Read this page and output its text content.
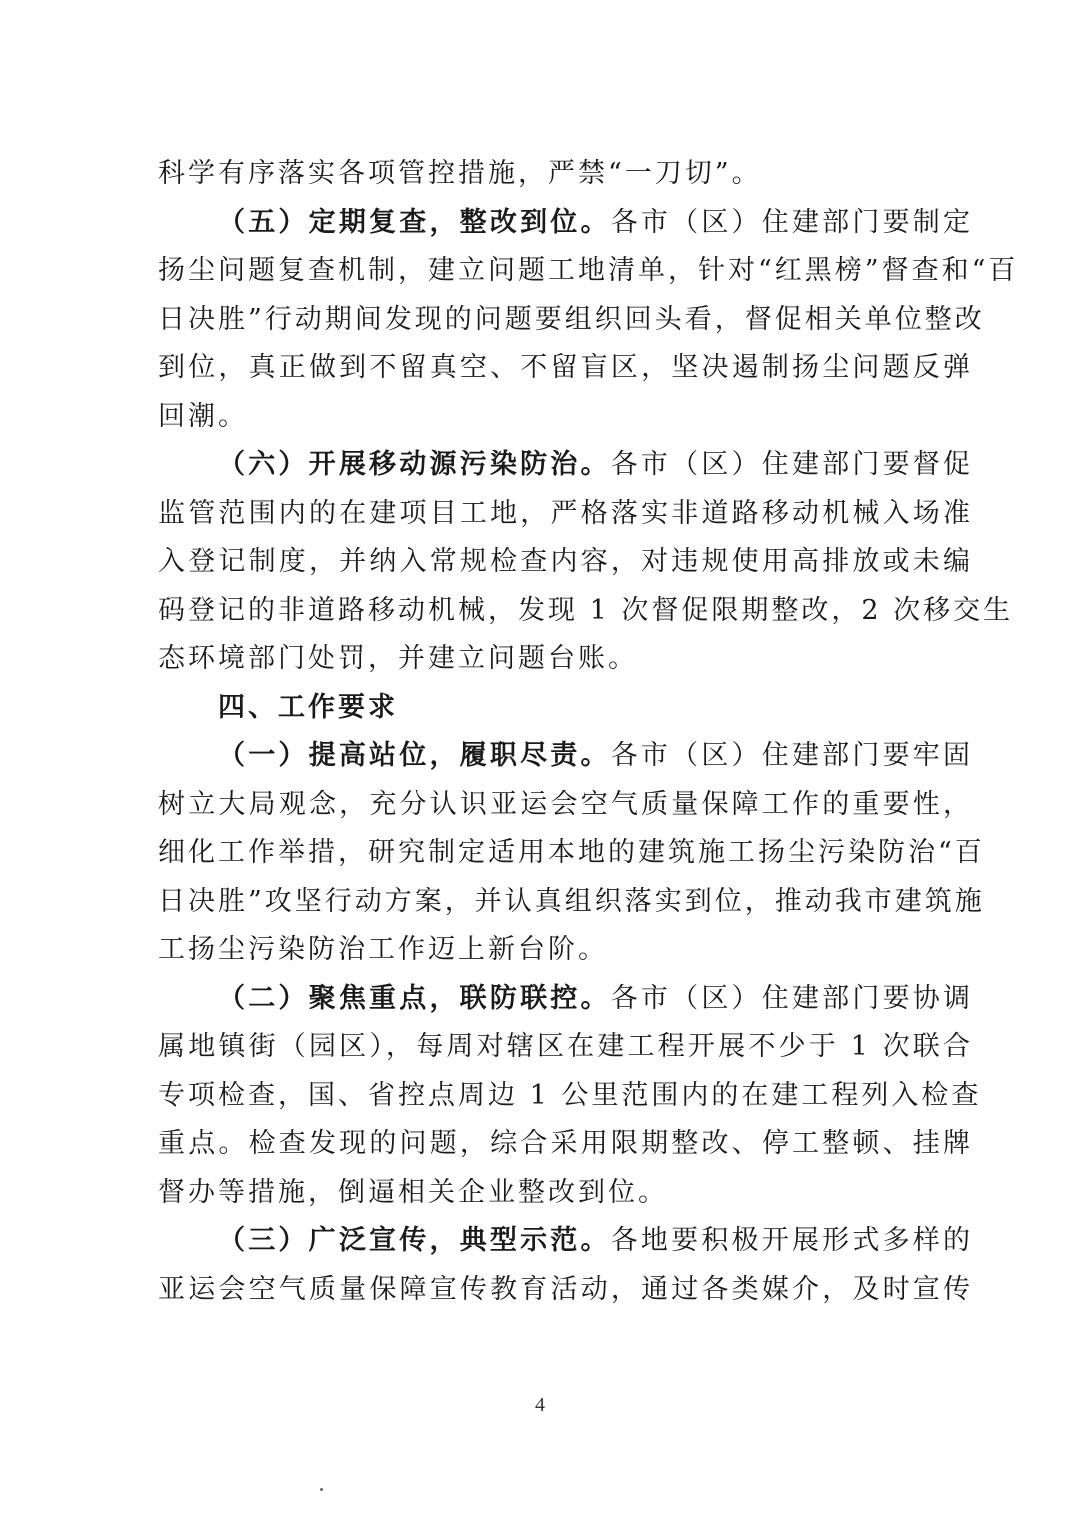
科学有序落实各项管控措施，严禁“一刀切”。
（五）定期复查，整改到位。各市（区）住建部门要制定
扬尘问题复查机制，建立问题工地清单，针对“红黑榜”督查和“百
日决胜”行动期间发现的问题要组织回头看，督促相关单位整改
到位，真正做到不留真空、不留盲区，坚决遏制扬尘问题反弹
回潮。
（六）开展移动源污染防治。各市（区）住建部门要督促
监管范围内的在建项目工地，严格落实非道路移动机械入场准
入登记制度，并纳入常规检查内容，对违规使用高排放或未编
码登记的非道路移动机械，发现 1 次督促限期整改，2 次移交生
态环境部门处罚，并建立问题台账。
四、工作要求
（一）提高站位，履职尽责。各市（区）住建部门要牢固
树立大局观念，充分认识亚运会空气质量保障工作的重要性，
细化工作举措，研究制定适用本地的建筑施工扬尘污染防治“百
日决胜”攻坚行动方案，并认真组织落实到位，推动我市建筑施
工扬尘污染防治工作迈上新台阶。
（二）聚焦重点，联防联控。各市（区）住建部门要协调
属地镇街（园区），每周对辖区在建工程开展不少于 1 次联合
专项检查，国、省控点周边 1 公里范围内的在建工程列入检查
重点。检查发现的问题，综合采用限期整改、停工整顿、挂牌
督办等措施，倒逼相关企业整改到位。
（三）广泛宣传，典型示范。各地要积极开展形式多样的
亚运会空气质量保障宣传教育活动，通过各类媒介，及时宣传
4
